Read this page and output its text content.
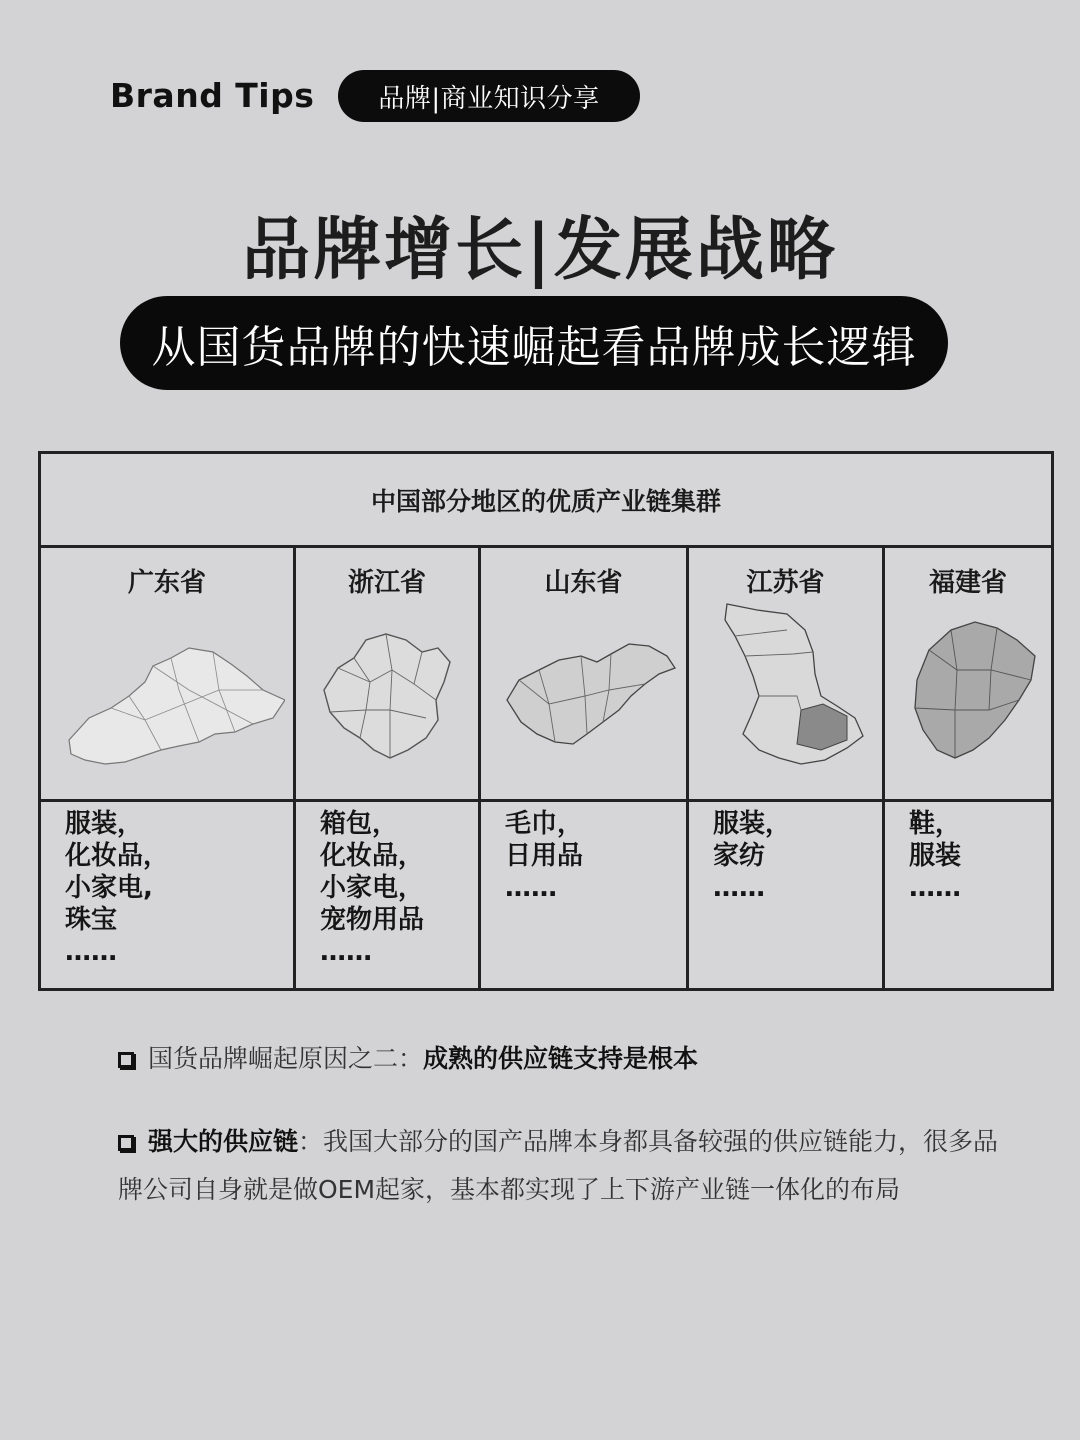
Brand Tips	品牌|商业知识分享
品牌增长|发展战略
从国货品牌的快速崛起看品牌成长逻辑
中国部分地区的优质产业链集群
广东省
服装，
化妆品，
小家电,
珠宝
……
浙江省
箱包，
化妆品，
小家电，
宠物用品
……
山东省
毛巾，
日用品
……
江苏省
服装，
家纺
……
福建省
鞋，
服装
……
国货品牌崛起原因之二：成熟的供应链支持是根本
强大的供应链：我国大部分的国产品牌本身都具备较强的供应链能力，很多品牌公司自身就是做OEM起家，基本都实现了上下游产业链一体化的布局
